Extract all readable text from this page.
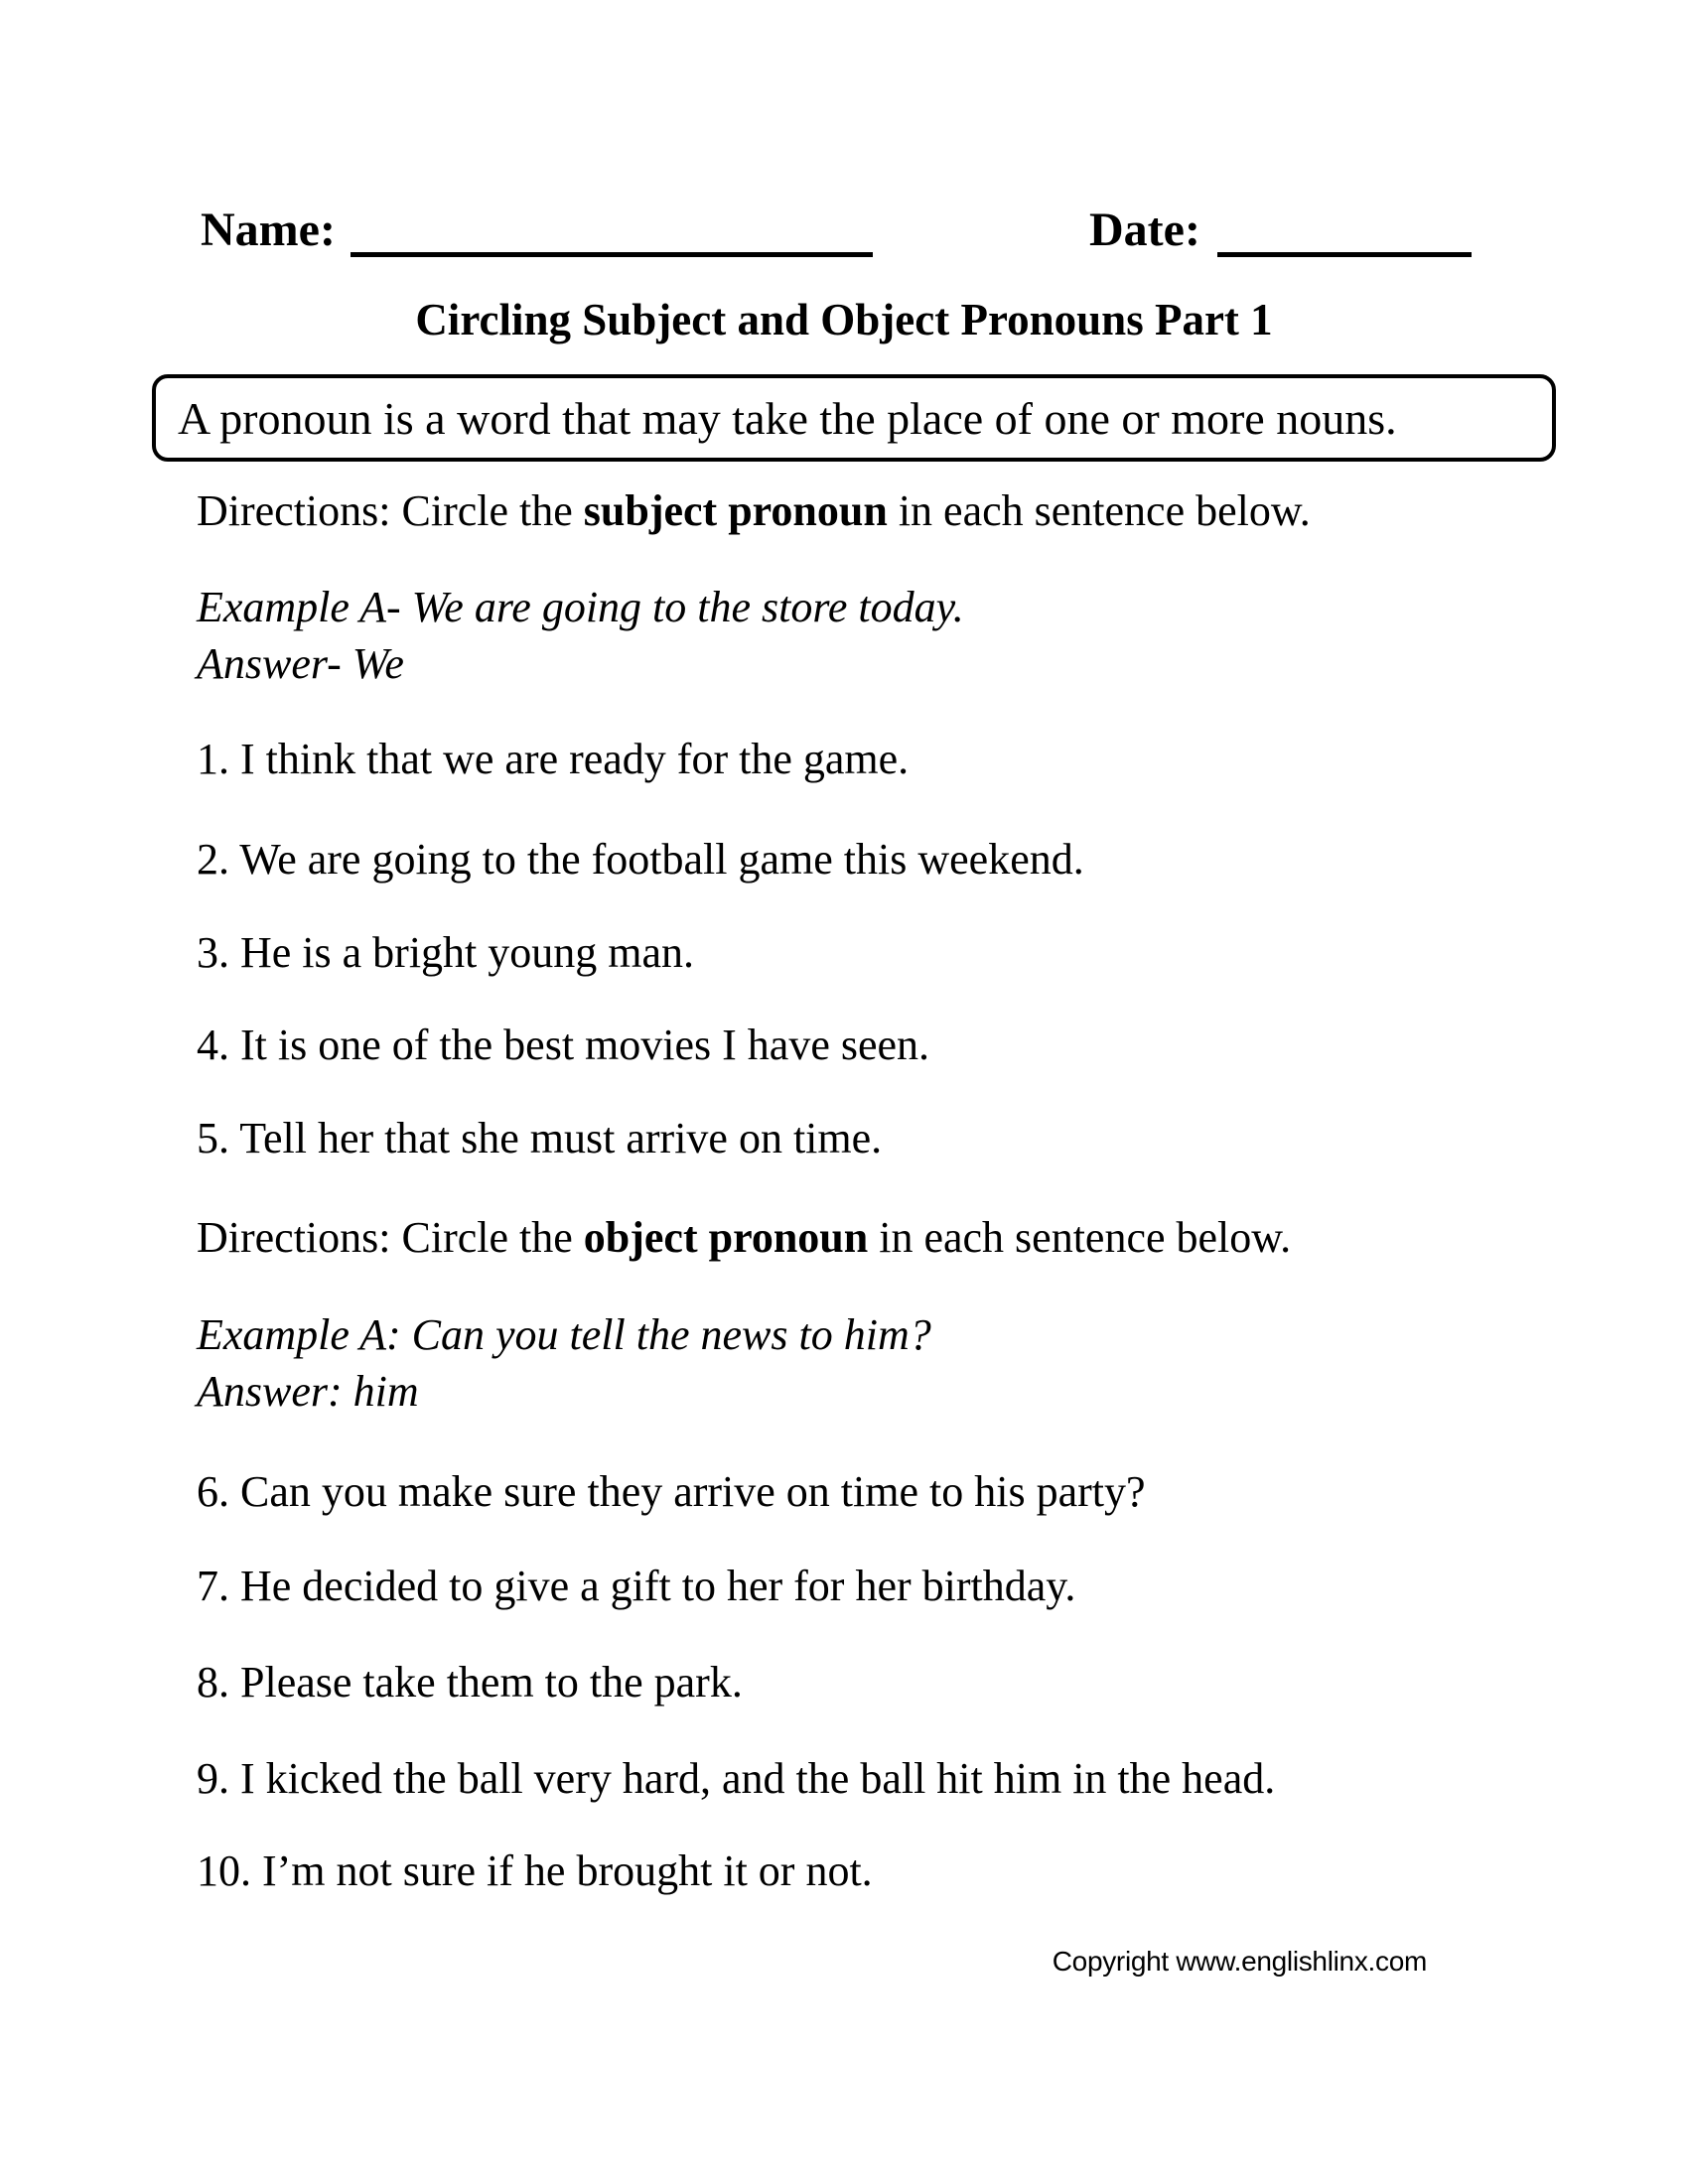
Name:	Date:
Circling Subject and Object Pronouns Part 1
A pronoun is a word that may take the place of one or more nouns.
Directions: Circle the subject pronoun in each sentence below.
Example A- We are going to the store today.
Answer- We
1. I think that we are ready for the game.
2. We are going to the football game this weekend.
3. He is a bright young man.
4. It is one of the best movies I have seen.
5. Tell her that she must arrive on time.
Directions: Circle the object pronoun in each sentence below.
Example A: Can you tell the news to him?
Answer: him
6. Can you make sure they arrive on time to his party?
7. He decided to give a gift to her for her birthday.
8. Please take them to the park.
9. I kicked the ball very hard, and the ball hit him in the head.
10. I’m not sure if he brought it or not.
Copyright www.englishlinx.com
